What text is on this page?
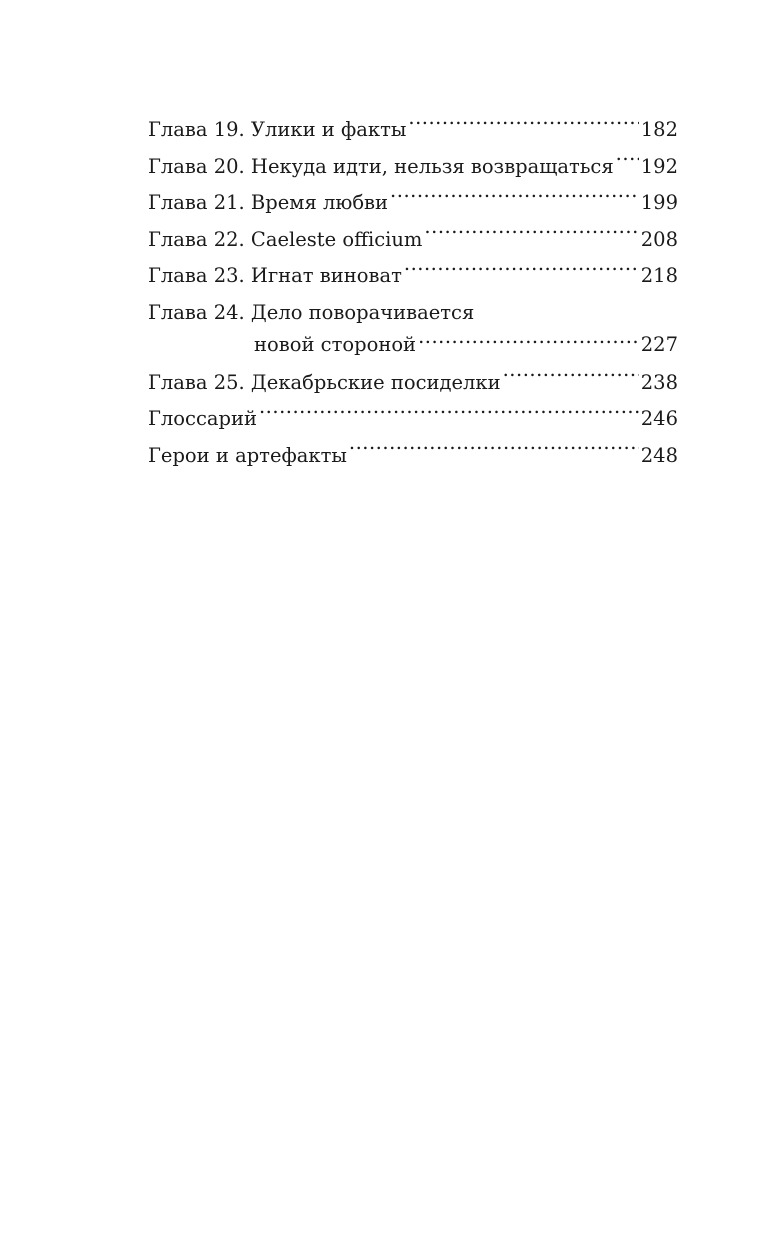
Глава 19. Улики и факты .....	182
Глава 20. Некуда идти, нельзя возвращаться ..... 192
Глава 21. Время любви .....	199
Глава 22. Caeleste officium .....	208
Глава 23. Игнат виноват .....	218
Глава 24. Дело поворачивается
новой стороной .....	227
Глава 25. Декабрьские посиделки .....	238
Глоссарий .....	246
Герои и артефакты .....	248
